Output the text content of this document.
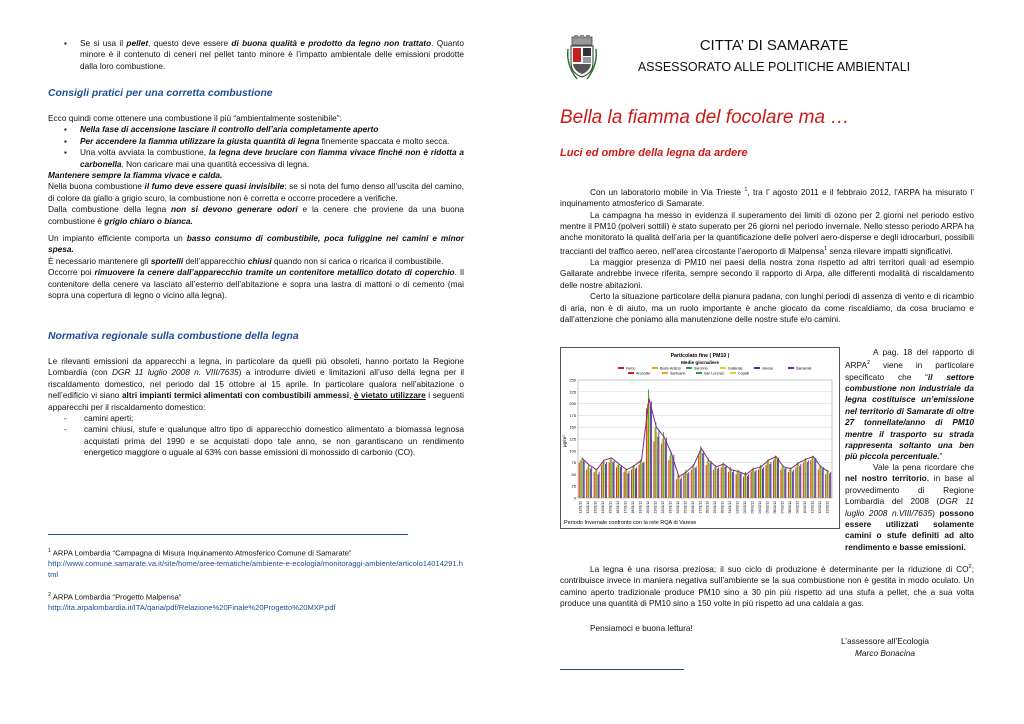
▪ Se si usa il pellet, questo deve essere di buona qualità e prodotto da legno non trattato. Quanto minore è il contenuto di ceneri nel pellet tanto minore è l’impatto ambientale delle emissioni prodotte dalla loro combustione.
Consigli pratici per una corretta combustione

Ecco quindi come ottenere una combustione il più “ambientalmente sostenibile”:

▪ Nella fase di accensione lasciare il controllo dell’aria completamente aperto
▪ Per accendere la fiamma utilizzare la giusta quantità di legna finemente spaccata e molto secca.
▪ Una volta avviata la combustione, la legna deve bruciare con fiamma vivace finché non è ridotta a carbonella. Non caricare mai una quantità eccessiva di legna.

Mantenere sempre la fiamma vivace e calda.

Nella buona combustione il fumo deve essere quasi invisibile: se si nota del fumo denso all’uscita del camino, di colore da giallo a grigio scuro, la combustione non è corretta e occorre procedere a verifiche.

Dalla combustione della legna non si devono generare odori e la cenere che proviene da una buona combustione è grigio chiaro o bianca.

Un impianto efficiente comporta un basso consumo di combustibile, poca fuliggine nei camini e minor spesa.

È necessario mantenere gli sportelli dell’apparecchio chiusi quando non si carica o ricarica il combustibile.

Occorre poi rimuovere la cenere dall’apparecchio tramite un contenitore metallico dotato di coperchio. Il contenitore della cenere va lasciato all’esterno dell’abitazione e sopra una lastra di mattoni o di cemento (mai sopra una copertura di legno o vicino alla legna).

Normativa regionale sulla combustione della legna

Le rilevanti emissioni da apparecchi a legna, in particolare da quelli più obsoleti, hanno portato la Regione Lombardia (con DGR 11 luglio 2008 n. VIII/7635) a introdurre divieti e limitazioni all’uso della legna per il riscaldamento domestico, nel periodo dal 15 ottobre al 15 aprile. In particolare qualora nell’abitazione o nell’edificio vi siano altri impianti termici alimentati con combustibili ammessi, è vietato utilizzare i seguenti apparecchi per il riscaldamento domestico:

- camini aperti;
- camini chiusi, stufe e qualunque altro tipo di apparecchio domestico alimentato a biomassa legnosa acquistati prima del 1990 e se acquistati dopo tale anno, se non garantiscano un rendimento energetico maggiore o uguale al 63% con basse emissioni di monossido di carbonio (CO).

$^1$ ARPA Lombardia “Campagna di Misura Inquinamento Atmosferico Comune di Samarate”

http://www.comune.samarate.va.it/site/home/aree-tematiche/ambiente-e-ecologia/monitoraggi-ambiente/articolo14014291.html

$^2$ ARPA Lombardia “Progetto Malpensa”

http://ita.arpalombardia.it/ITA/qaria/pdf/Relazione%20Finale%20Progetto%20MXP.pdf

CITTA’ DI SAMARATE
ASSESSORATO ALLE POLITICHE AMBIENTALI
Bella la fiamma del focolare ma …
Luci ed ombre della legna da ardere

Con un laboratorio mobile in Via Trieste $^1$, tra l’ agosto 2011 e il febbraio 2012, l’ARPA ha misurato l’ inquinamento atmosferico di Samarate.

La campagna ha messo in evidenza il superamento dei limiti di ozono per 2 giorni nel periodo estivo mentre il PM10 (polveri sottili) è stato superato per 26 giorni nel periodo invernale. Nello stesso periodo ARPA ha anche monitorato la qualità dell’aria per la quantificazione delle polveri aero-disperse e degli idrocarburi, possibili traccianti del traffico aereo, nell’area circostante l’aeroporto di Malpensa$^1$ senza rilevare impatti significativi.

La maggior presenza di PM10 nei paesi della nostra zona rispetto ad altri territori quali ad esempio Gallarate andrebbe invece riferita, sempre secondo il rapporto di Arpa, alle differenti modalità di riscaldamento delle nostre abitazioni.

Certo la situazione particolare della pianura padana, con lunghi periodi di assenza di vento e di ricambio di aria, non è di aiuto, ma un ruolo importante è anche giocato da come riscaldiamo, da cosa bruciamo e dall’attenzione che poniamo alla manutenzione delle nostre stufe e/o camini.

Particolato fine ( PM10 )
Medie giornaliere
Ferno	Busto Arsizio	Saronno	Gallarate	Varese	Samarate
Arconate	Santuario	San Lorenzo	Copelli
0
25
50
75
100
125
150
175
200
225
250
11/01/12 12/01/12 13/01/12 14/01/12 15/01/12 16/01/12 17/01/12 18/01/12 19/01/12 20/01/12 21/01/12 22/01/12 23/01/12 24/01/12 25/01/12 26/01/12 27/01/12 28/01/12 29/01/12 30/01/12 31/01/12 01/02/12 02/02/12 03/02/12 04/02/12 05/02/12 06/02/12 07/02/12 08/02/12 09/02/12 10/02/12 11/02/12 12/02/12 13/02/12
µg/m³
Periodo Invernale confronto con la rete RQA di Varese

A pag. 18 del rapporto di ARPA$^2$ viene in particolare specificato che “il settore combustione non industriale da legna costituisce un’emissione nel territorio di Samarate di oltre 27 tonnellate/anno di PM10 mentre il trasporto su strada rappresenta soltanto una ben più piccola percentuale.”

Vale la pena ricordare che nel nostro territorio, in base al provvedimento di Regione Lombardia del 2008 (DGR 11 luglio 2008 n.VIII/7635) possono essere utilizzati solamente camini o stufe definiti ad alto rendimento e basse emissioni.

La legna è una risorsa preziosa; il suo ciclo di produzione è determinante per la riduzione di $CO^2$; contribuisce invece in maniera negativa sull’ambiente se la sua combustione non è gestita in modo oculato. Un camino aperto tradizionale produce PM10 sino a 30 pin più rispetto ad una stufa a pellet, che a sua volta produce una quantità di PM10 sino a 150 volte in più rispetto ad una caldaia a gas.

Pensiamoci e buona lettura!

L’assessore all’Ecologia
Marco Bonacina
